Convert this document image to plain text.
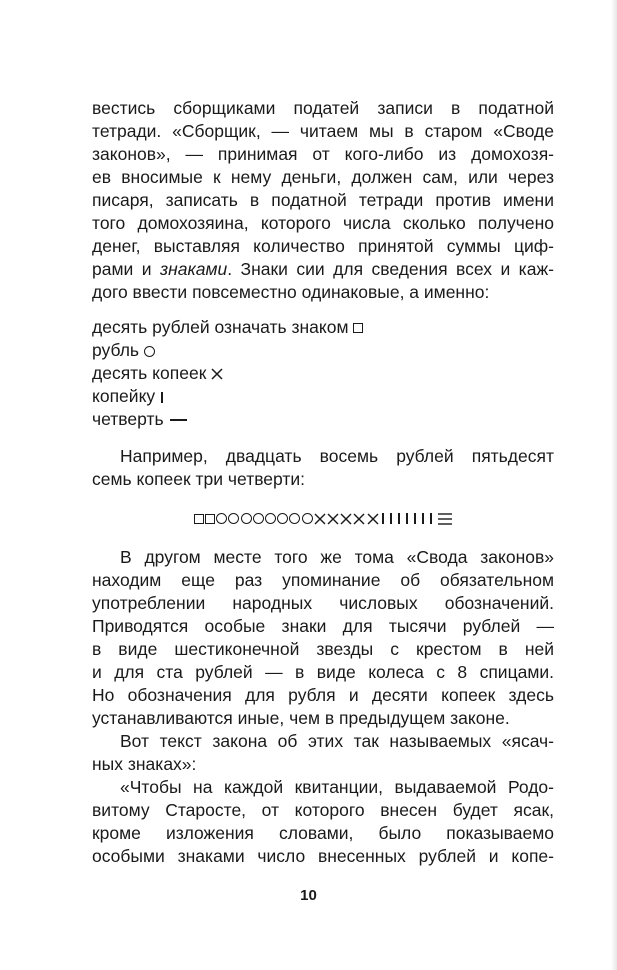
вестись сборщиками податей записи в податной

тетради. «Сборщик, — читаем мы в старом «Своде

законов», — принимая от кого-либо из домохозя-

ев вносимые к нему деньги, должен сам, или через

писаря, записать в податной тетради против имени

того домохозяина, которого числа сколько получено

денег, выставляя количество принятой суммы циф-

рами и знаками. Знаки сии для сведения всех и каж-

дого ввести повсеместно одинаковые, а именно:

десять рублей означать знаком

рубль

десять копеек

копейку

четверть

Например, двадцать восемь рублей пятьдесят

семь копеек три четверти:

В другом месте того же тома «Свода законов»

находим еще раз упоминание об обязательном

употреблении народных числовых обозначений.

Приводятся особые знаки для тысячи рублей —

в виде шестиконечной звезды с крестом в ней

и для ста рублей — в виде колеса с 8 спицами.

Но обозначения для рубля и десяти копеек здесь

устанавливаются иные, чем в предыдущем законе.

Вот текст закона об этих так называемых «ясач-

ных знаках»:

«Чтобы на каждой квитанции, выдаваемой Родо-

витому Старосте, от которого внесен будет ясак,

кроме изложения словами, было показываемо

особыми знаками число внесенных рублей и копе-

10
